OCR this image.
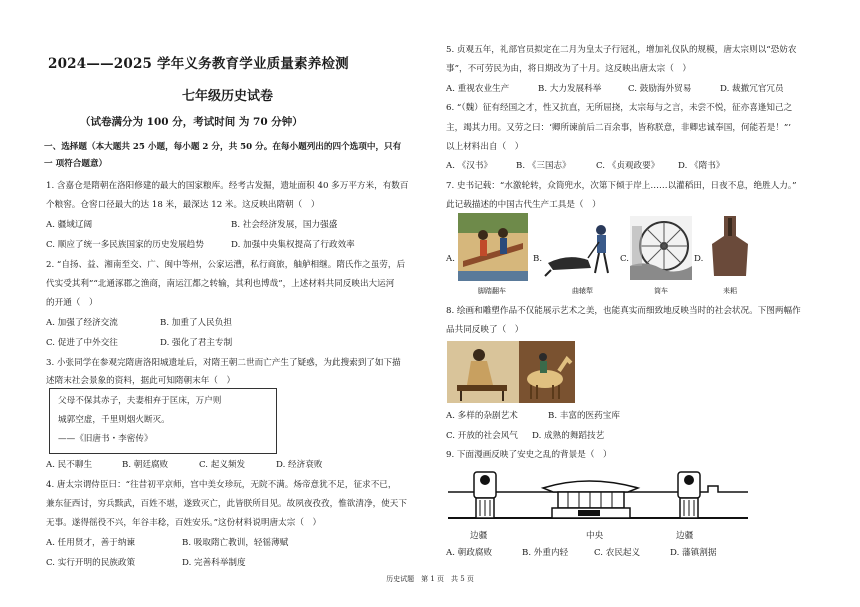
2024——2025 学年义务教育学业质量素养检测
七年级历史试卷
（试卷满分为 100 分，考试时间 为 70 分钟）
一、选择题（本大题共 25 小题，每小题 2 分，共 50 分。在每小题列出的四个选项中，只有
一 项符合题意）
1. 含嘉仓是隋朝在洛阳修建的最大的国家粮库。经考古发掘，遗址面积 40 多万平方米，有数百
个粮窖。仓窖口径最大的达 18 米，最深达 12 米。这反映出隋朝（　）
A. 疆域辽阔	B. 社会经济发展，国力强盛
C. 顺应了统一多民族国家的历史发展趋势	D. 加强中央集权提高了行政效率
2. “自扬、益、湘南至交、广、闽中等州，公家运漕，私行商旅，舳舻相继。隋氏作之虽劳，后
代实受其利”“北通涿郡之渔商，南运江都之转输，其利也博哉”，上述材料共同反映出大运河
的开通（　）
A. 加强了经济交流	B. 加重了人民负担
C. 促进了中外交往	D. 强化了君主专制
3. 小张同学在参观完隋唐洛阳城遗址后，对隋王朝二世而亡产生了疑惑，为此搜索到了如下描
述隋末社会景象的资料，据此可知隋朝末年（　）
父母不保其赤子，夫妻相弃于匡床，万户则
城郭空虚，千里则烟火断灭。
——《旧唐书・李密传》
A. 民不聊生	B. 朝廷腐败	C. 起义频发	D. 经济衰败
4. 唐太宗谓侍臣曰：“往昔初平京师，宫中美女珍玩，无院不满。炀帝意犹不足，征求不已，
兼东征西讨，穷兵黩武，百姓不堪，遂致灭亡，此皆朕所目见。故夙夜孜孜，惟欲清净，使天下
无事。遂得徭役不兴，年谷丰稔，百姓安乐。”这份材料说明唐太宗（　）
A. 任用贤才，善于纳谏	B. 吸取隋亡教训，轻徭薄赋
C. 实行开明的民族政策	D. 完善科举制度
5. 贞观五年，礼部官员拟定在二月为皇太子行冠礼，增加礼仪队的规模，唐太宗则以“恐妨农
事”，不可劳民为由，将日期改为了十月。这反映出唐太宗（　）
A. 重视农业生产	B. 大力发展科举	C. 鼓励海外贸易	D. 裁撤冗官冗员
6. “（魏）征有经国之才，性又抗直，无所屈挠，太宗每与之言，未尝不悦，征亦喜逢知己之
主，竭其力用。又劳之曰：‘卿所谏前后二百余事，皆称朕意，非卿忠诚奉国，何能若是！”’
以上材料出自（　）
A. 《汉书》	B. 《三国志》	C. 《贞观政要》 D. 《隋书》
7. 史书记载：“水激轮转，众筒兜水，次第下倾于岸上……以灌稻田，日夜不息，绝胜人力。”
此记载描述的中国古代生产工具是（　）
A.
脚踏翻车
B.
曲辕犁
C.
筒车
D.
耒耜
8. 绘画和雕塑作品不仅能展示艺术之美，也能真实而细致地反映当时的社会状况。下图两幅作
品共同反映了（　）
A. 多样的杂剧艺术	B. 丰富的医药宝库
C. 开放的社会风气 D. 成熟的舞蹈技艺
9. 下面漫画反映了安史之乱的背景是（　）
边疆	中央	边疆
A. 朝政腐败	B. 外重内轻	C. 农民起义	D. 藩镇割据
历史试题　第 1 页　共 5 页
